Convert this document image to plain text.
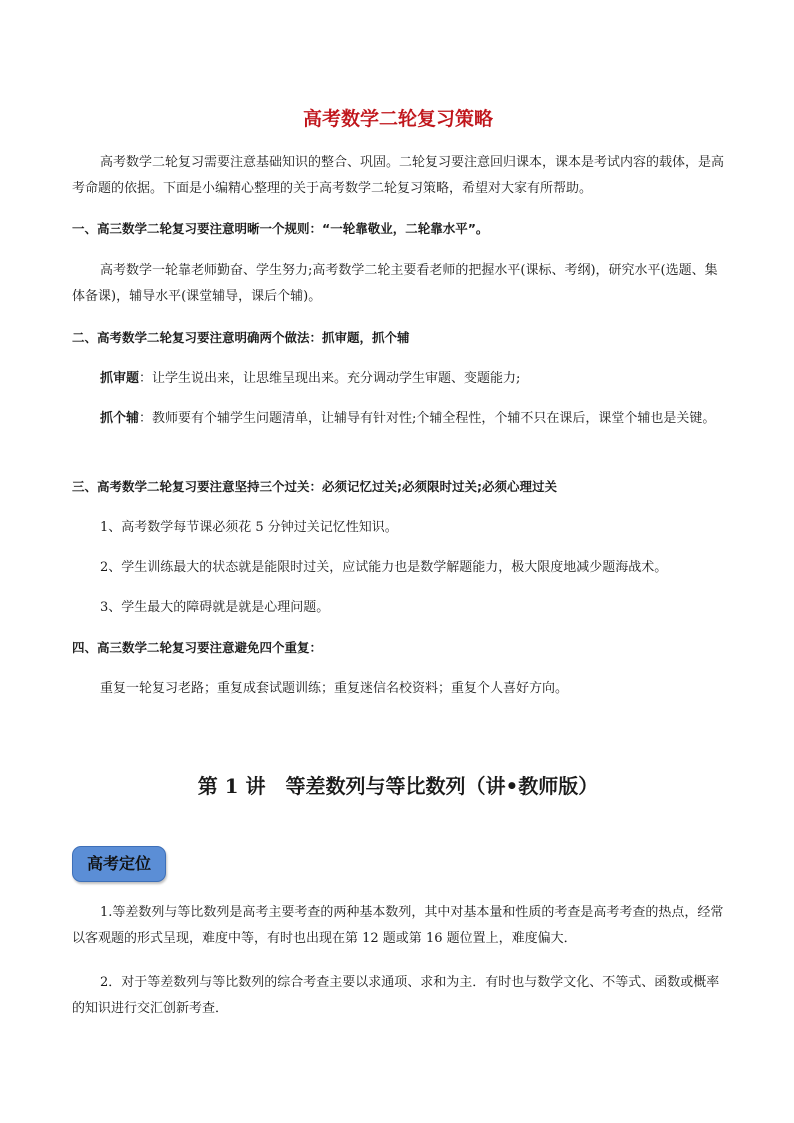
高考数学二轮复习策略

高考数学二轮复习需要注意基础知识的整合、巩固。二轮复习要注意回归课本，课本是考试内容的载体，是高考命题的依据。下面是小编精心整理的关于高考数学二轮复习策略，希望对大家有所帮助。

一、高三数学二轮复习要注意明晰一个规则：“一轮靠敬业，二轮靠水平”。

高考数学一轮靠老师勤奋、学生努力;高考数学二轮主要看老师的把握水平(课标、考纲)，研究水平(选题、集体备课)，辅导水平(课堂辅导，课后个辅)。

二、高考数学二轮复习要注意明确两个做法：抓审题，抓个辅

抓审题：让学生说出来，让思维呈现出来。充分调动学生审题、变题能力;

抓个辅：教师要有个辅学生问题清单，让辅导有针对性;个辅全程性，个辅不只在课后，课堂个辅也是关键。

三、高考数学二轮复习要注意坚持三个过关：必须记忆过关;必须限时过关;必须心理过关

1、高考数学每节课必须花 5 分钟过关记忆性知识。

2、学生训练最大的状态就是能限时过关，应试能力也是数学解题能力，极大限度地减少题海战术。

3、学生最大的障碍就是就是心理问题。

四、高三数学二轮复习要注意避免四个重复：

重复一轮复习老路；重复成套试题训练；重复迷信名校资料；重复个人喜好方向。

第 1 讲　等差数列与等比数列（讲•教师版）
高考定位

1.等差数列与等比数列是高考主要考查的两种基本数列，其中对基本量和性质的考查是高考考查的热点，经常以客观题的形式呈现，难度中等，有时也出现在第 12 题或第 16 题位置上，难度偏大．

2．对于等差数列与等比数列的综合考查主要以求通项、求和为主．有时也与数学文化、不等式、函数或概率的知识进行交汇创新考查．
